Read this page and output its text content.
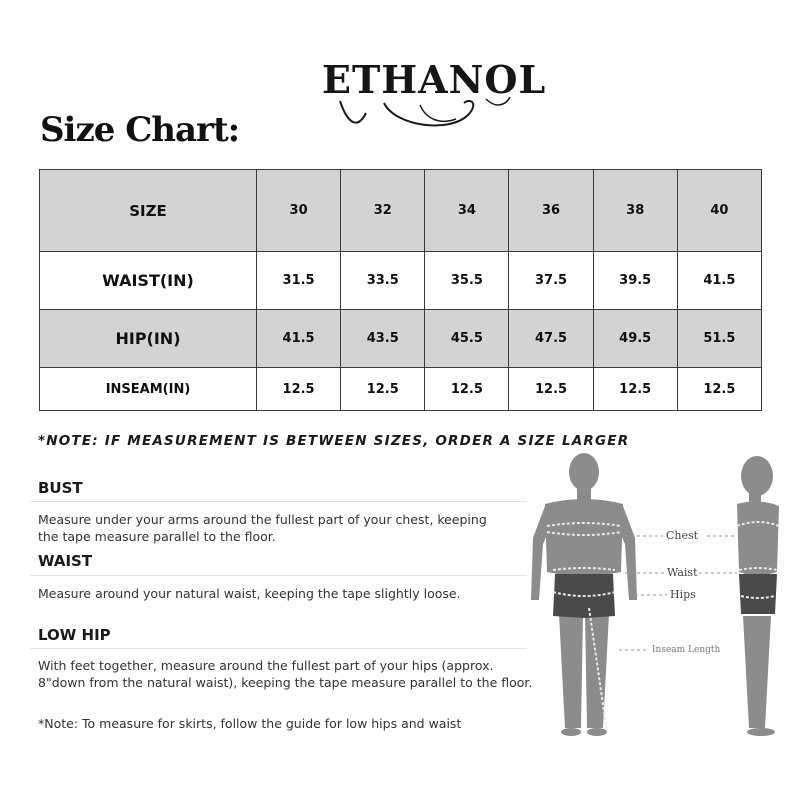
ETHANOL
Size Chart:
SIZE	30	32	34	36	38	40
WAIST(IN)	31.5	33.5	35.5	37.5	39.5	41.5
HIP(IN)	41.5	43.5	45.5	47.5	49.5	51.5
INSEAM(IN)	12.5	12.5	12.5	12.5	12.5	12.5

*NOTE: IF MEASUREMENT IS BETWEEN SIZES, ORDER A SIZE LARGER

BUST

Measure under your arms around the fullest part of your chest, keeping
the tape measure parallel to the floor.

WAIST

Measure around your natural waist, keeping the tape slightly loose.

LOW HIP

With feet together, measure around the fullest part of your hips (approx.
8"down from the natural waist), keeping the tape measure parallel to the floor.

*Note: To measure for skirts, follow the guide for low hips and waist

Chest
Waist
Hips
Inseam Length
